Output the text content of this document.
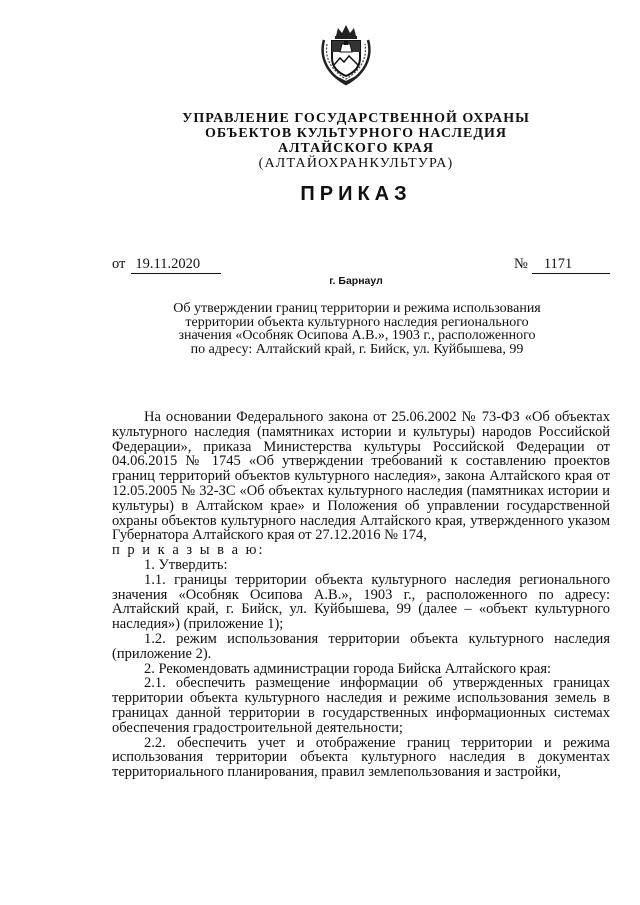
УПРАВЛЕНИЕ ГОСУДАРСТВЕННОЙ ОХРАНЫ
ОБЪЕКТОВ КУЛЬТУРНОГО НАСЛЕДИЯ
АЛТАЙСКОГО КРАЯ
(АЛТАЙОХРАНКУЛЬТУРА)
ПРИКАЗ
от 19.11.2020	№ 1171
г. Барнаул
Об утверждении границ территории и режима использования
территории объекта культурного наследия регионального
значения «Особняк Осипова А.В.», 1903 г., расположенного
по адресу: Алтайский край, г. Бийск, ул. Куйбышева, 99

На основании Федерального закона от 25.06.2002 № 73-ФЗ «Об объектах культурного наследия (памятниках истории и культуры) народов Российской Федерации», приказа Министерства культуры Российской Федерации от 04.06.2015 № 1745 «Об утверждении требований к составлению проектов границ территорий объектов культурного наследия», закона Алтайского края от 12.05.2005 № 32-ЗС «Об объектах культурного наследия (памятниках истории и культуры) в Алтайском крае» и Положения об управлении государственной охраны объектов культурного наследия Алтайского края, утвержденного указом Губернатора Алтайского края от 27.12.2016 № 174,

п р и к а з ы в а ю:

1. Утвердить:

1.1. границы территории объекта культурного наследия регионального значения «Особняк Осипова А.В.», 1903 г., расположенного по адресу: Алтайский край, г. Бийск, ул. Куйбышева, 99 (далее – «объект культурного наследия») (приложение 1);

1.2. режим использования территории объекта культурного наследия (приложение 2).

2. Рекомендовать администрации города Бийска Алтайского края:

2.1. обеспечить размещение информации об утвержденных границах территории объекта культурного наследия и режиме использования земель в границах данной территории в государственных информационных системах обеспечения градостроительной деятельности;

2.2. обеспечить учет и отображение границ территории и режима использования территории объекта культурного наследия в документах территориального планирования, правил землепользования и застройки,
